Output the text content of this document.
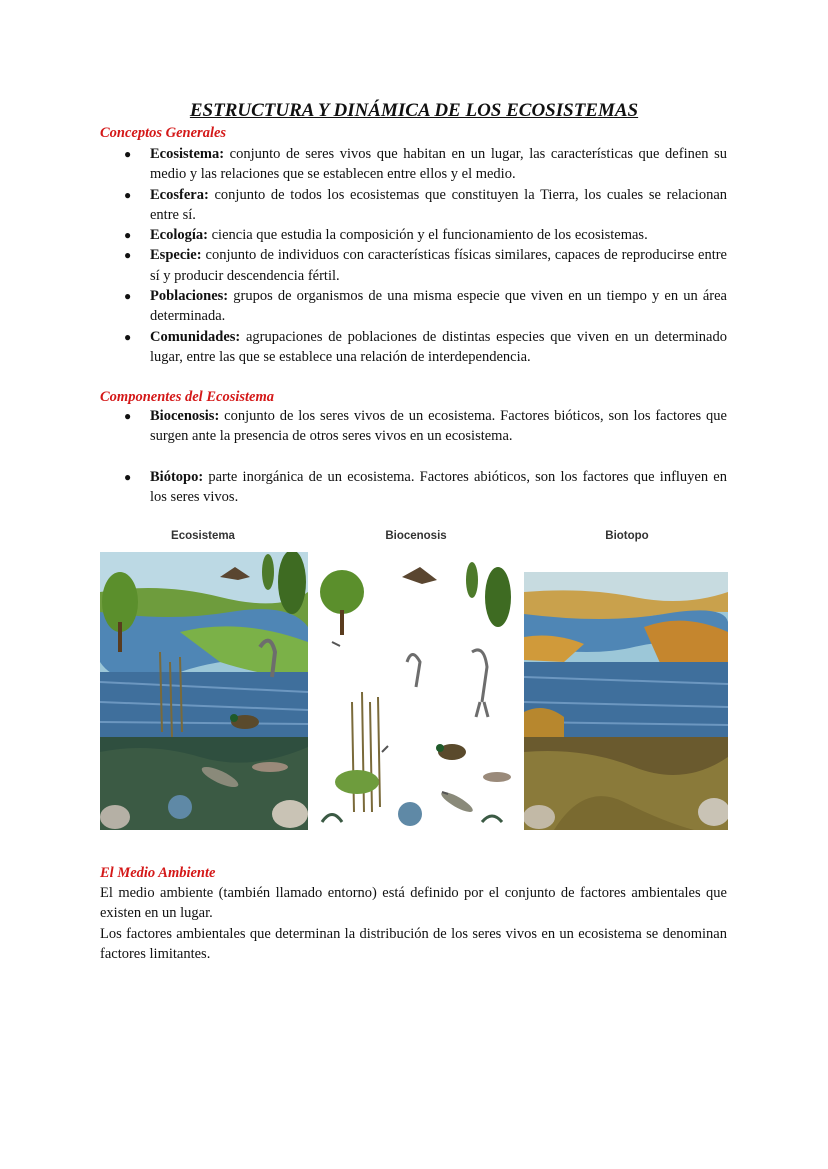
ESTRUCTURA Y DINÁMICA DE LOS ECOSISTEMAS
Conceptos Generales
● Ecosistema: conjunto de seres vivos que habitan en un lugar, las características que definen su medio y las relaciones que se establecen entre ellos y el medio.
● Ecosfera: conjunto de todos los ecosistemas que constituyen la Tierra, los cuales se relacionan entre sí.
● Ecología: ciencia que estudia la composición y el funcionamiento de los ecosistemas.
● Especie: conjunto de individuos con características físicas similares, capaces de reproducirse entre sí y producir descendencia fértil.
● Poblaciones: grupos de organismos de una misma especie que viven en un tiempo y en un área determinada.
● Comunidades: agrupaciones de poblaciones de distintas especies que viven en un determinado lugar, entre las que se establece una relación de interdependencia.
Componentes del Ecosistema
● Biocenosis: conjunto de los seres vivos de un ecosistema. Factores bióticos, son los factores que surgen ante la presencia de otros seres vivos en un ecosistema.
● Biótopo: parte inorgánica de un ecosistema. Factores abióticos, son los factores que influyen en los seres vivos.
Ecosistema	Biocenosis	Biotopo
El Medio Ambiente

El medio ambiente (también llamado entorno) está definido por el conjunto de factores ambientales que existen en un lugar.

Los factores ambientales que determinan la distribución de los seres vivos en un ecosistema se denominan factores limitantes.
